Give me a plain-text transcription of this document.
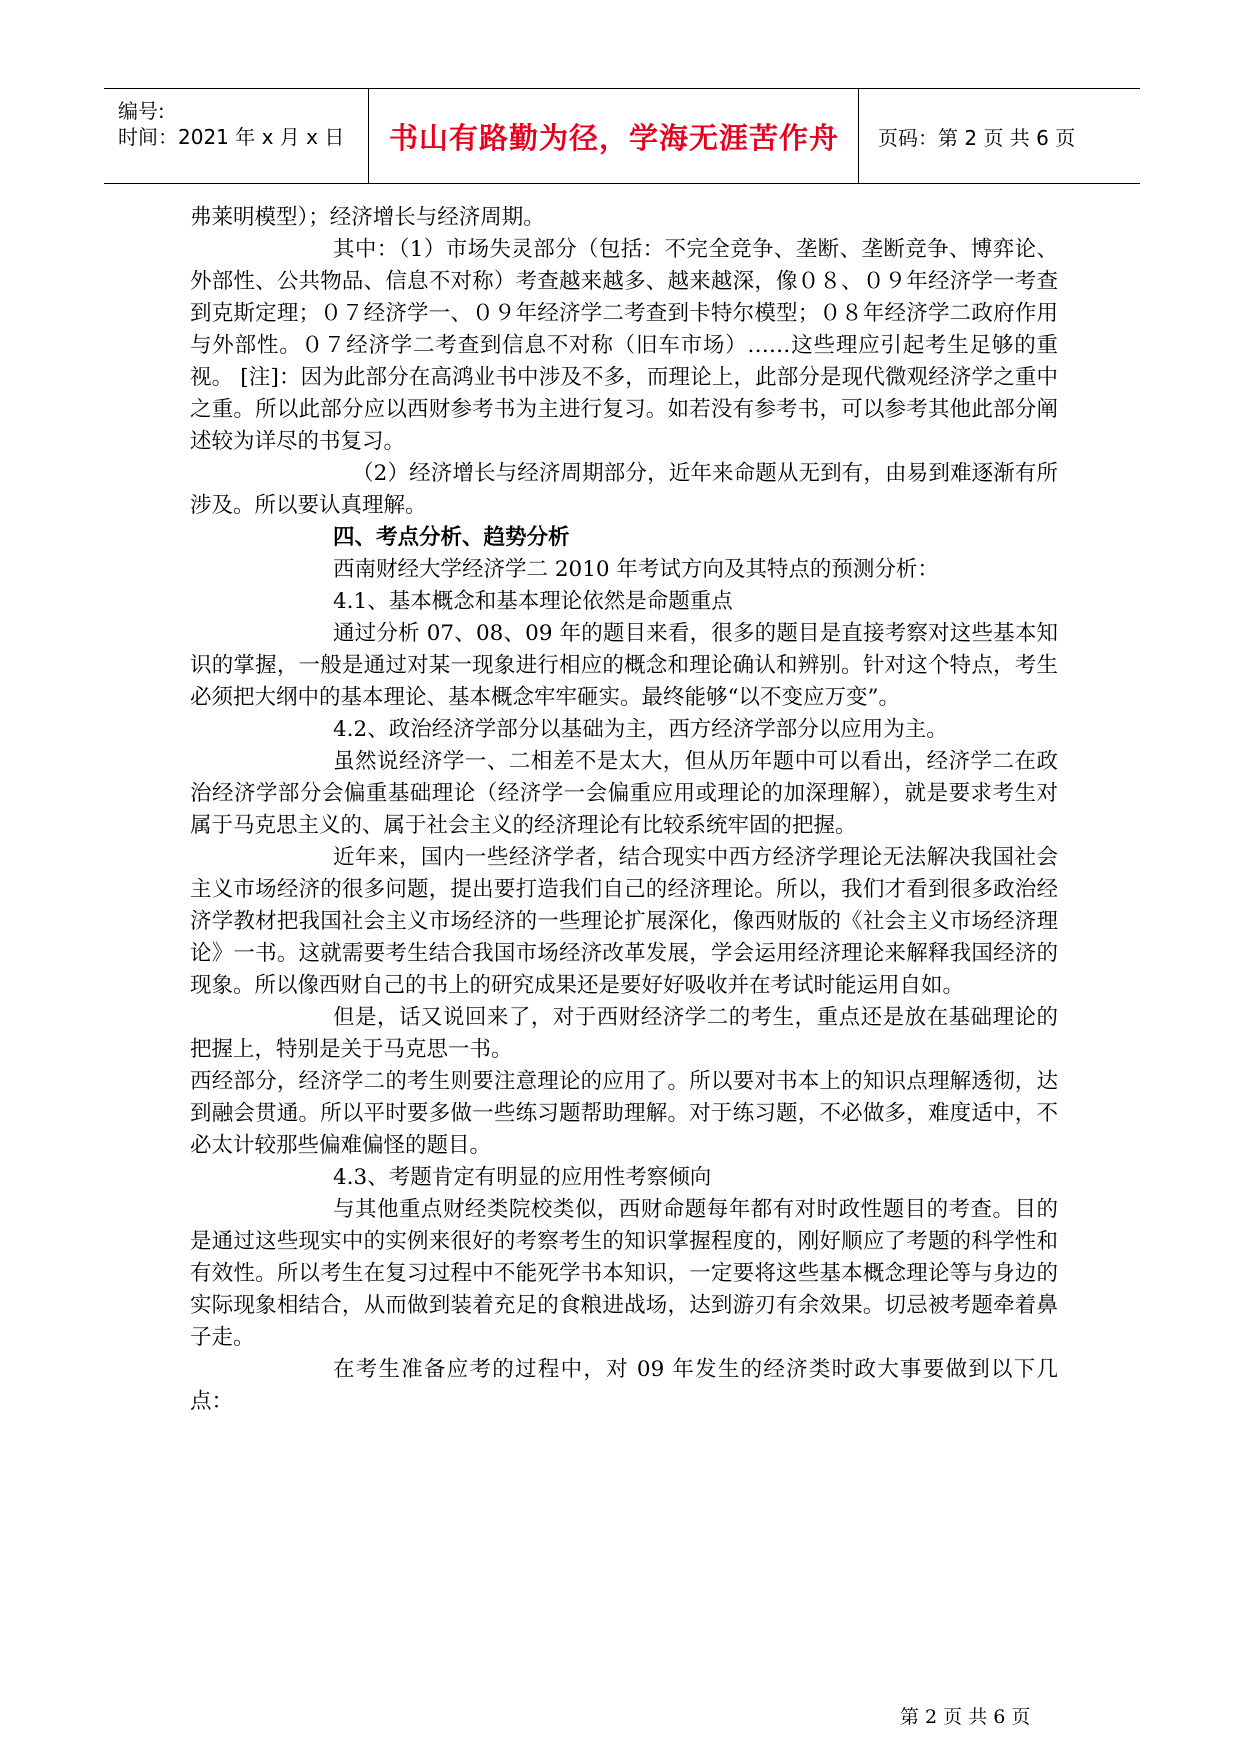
编号:
时间：2021 年 x 月 x 日	书山有路勤为径，学海无涯苦作舟	页码：第 2 页 共 6 页

弗莱明模型）；经济增长与经济周期。

其中：（1）市场失灵部分（包括：不完全竞争、垄断、垄断竞争、博弈论、外部性、公共物品、信息不对称）考查越来越多、越来越深，像０８、０９年经济学一考查到克斯定理；０７经济学一、０９年经济学二考查到卡特尔模型；０８年经济学二政府作用与外部性。０７经济学二考查到信息不对称（旧车市场）……这些理应引起考生足够的重视。 [注]：因为此部分在高鸿业书中涉及不多，而理论上，此部分是现代微观经济学之重中之重。所以此部分应以西财参考书为主进行复习。如若没有参考书，可以参考其他此部分阐述较为详尽的书复习。

（2）经济增长与经济周期部分，近年来命题从无到有，由易到难逐渐有所涉及。所以要认真理解。

四、考点分析、趋势分析

西南财经大学经济学二 2010 年考试方向及其特点的预测分析：

4.1、基本概念和基本理论依然是命题重点

通过分析 07、08、09 年的题目来看，很多的题目是直接考察对这些基本知识的掌握，一般是通过对某一现象进行相应的概念和理论确认和辨别。针对这个特点，考生必须把大纲中的基本理论、基本概念牢牢砸实。最终能够“以不变应万变”。

4.2、政治经济学部分以基础为主，西方经济学部分以应用为主。

虽然说经济学一、二相差不是太大，但从历年题中可以看出，经济学二在政治经济学部分会偏重基础理论（经济学一会偏重应用或理论的加深理解），就是要求考生对属于马克思主义的、属于社会主义的经济理论有比较系统牢固的把握。

近年来，国内一些经济学者，结合现实中西方经济学理论无法解决我国社会主义市场经济的很多问题，提出要打造我们自己的经济理论。所以，我们才看到很多政治经济学教材把我国社会主义市场经济的一些理论扩展深化，像西财版的《社会主义市场经济理论》一书。这就需要考生结合我国市场经济改革发展，学会运用经济理论来解释我国经济的现象。所以像西财自己的书上的研究成果还是要好好吸收并在考试时能运用自如。

但是，话又说回来了，对于西财经济学二的考生，重点还是放在基础理论的把握上，特别是关于马克思一书。

西经部分，经济学二的考生则要注意理论的应用了。所以要对书本上的知识点理解透彻，达到融会贯通。所以平时要多做一些练习题帮助理解。对于练习题，不必做多，难度适中，不必太计较那些偏难偏怪的题目。

4.3、考题肯定有明显的应用性考察倾向

与其他重点财经类院校类似，西财命题每年都有对时政性题目的考查。目的是通过这些现实中的实例来很好的考察考生的知识掌握程度的，刚好顺应了考题的科学性和有效性。所以考生在复习过程中不能死学书本知识，一定要将这些基本概念理论等与身边的实际现象相结合，从而做到装着充足的食粮进战场，达到游刃有余效果。切忌被考题牵着鼻子走。

在考生准备应考的过程中，对 09 年发生的经济类时政大事要做到以下几点：

第 2 页 共 6 页
